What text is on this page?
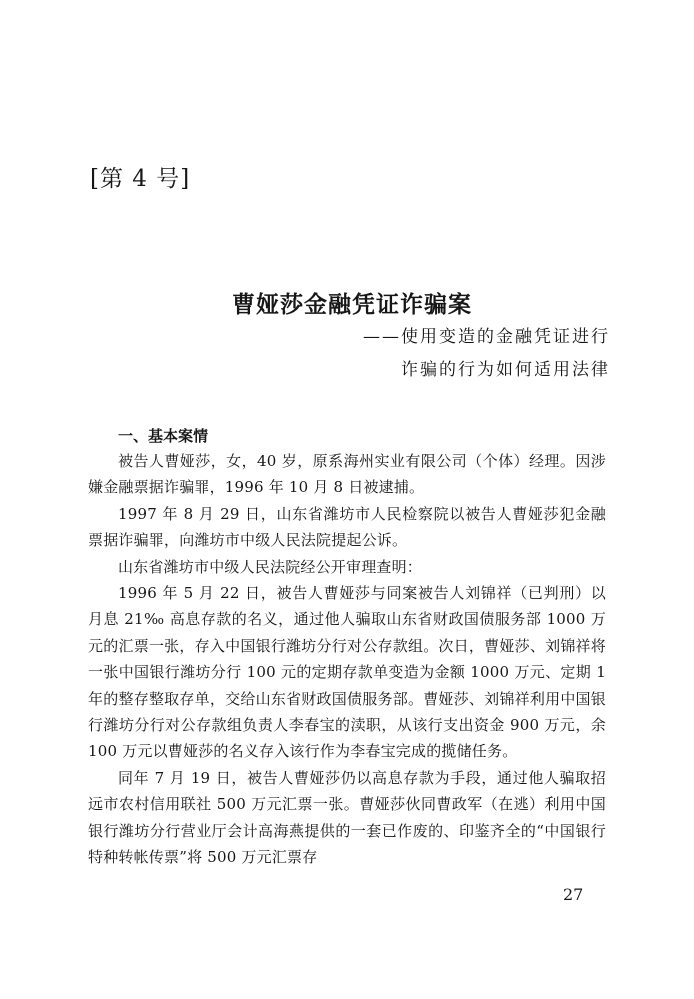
[第 4 号]
曹娅莎金融凭证诈骗案
——使用变造的金融凭证进行
诈骗的行为如何适用法律
一、基本案情

被告人曹娅莎，女，40 岁，原系海州实业有限公司（个体）经理。因涉嫌金融票据诈骗罪，1996 年 10 月 8 日被逮捕。

1997 年 8 月 29 日，山东省潍坊市人民检察院以被告人曹娅莎犯金融票据诈骗罪，向潍坊市中级人民法院提起公诉。

山东省潍坊市中级人民法院经公开审理查明：

1996 年 5 月 22 日，被告人曹娅莎与同案被告人刘锦祥（已判刑）以月息 21‰ 高息存款的名义，通过他人骗取山东省财政国债服务部 1000 万元的汇票一张，存入中国银行潍坊分行对公存款组。次日，曹娅莎、刘锦祥将一张中国银行潍坊分行 100 元的定期存款单变造为金额 1000 万元、定期 1 年的整存整取存单，交给山东省财政国债服务部。曹娅莎、刘锦祥利用中国银行潍坊分行对公存款组负责人李春宝的渎职，从该行支出资金 900 万元，余 100 万元以曹娅莎的名义存入该行作为李春宝完成的揽储任务。

同年 7 月 19 日，被告人曹娅莎仍以高息存款为手段，通过他人骗取招远市农村信用联社 500 万元汇票一张。曹娅莎伙同曹政军（在逃）利用中国银行潍坊分行营业厅会计高海燕提供的一套已作废的、印鉴齐全的“中国银行特种转帐传票”将 500 万元汇票存

27
